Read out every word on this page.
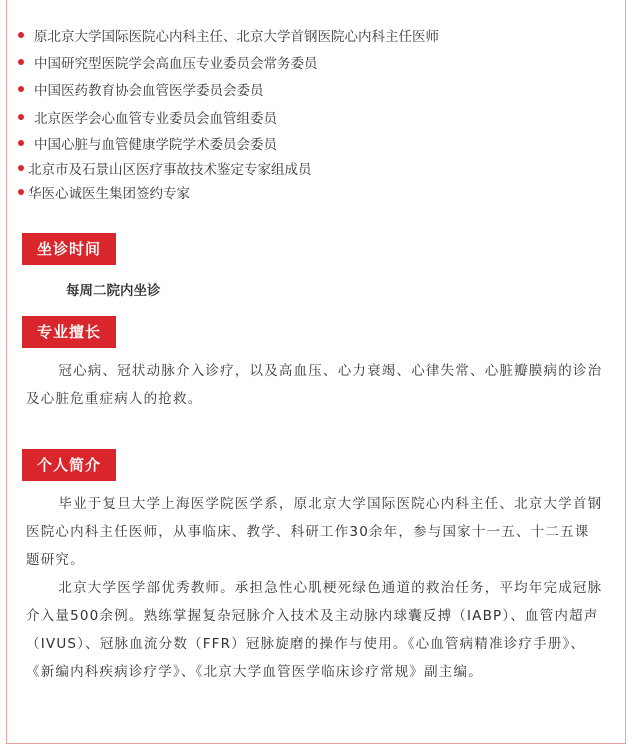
原北京大学国际医院心内科主任、北京大学首钢医院心内科主任医师
中国研究型医院学会高血压专业委员会常务委员
中国医药教育协会血管医学委员会委员
北京医学会心血管专业委员会血管组委员
中国心脏与血管健康学院学术委员会委员
北京市及石景山区医疗事故技术鉴定专家组成员
华医心诚医生集团签约专家
坐诊时间
每周二院内坐诊
专业擅长

冠心病、冠状动脉介入诊疗，以及高血压、心力衰竭、心律失常、心脏瓣膜病的诊治及心脏危重症病人的抢救。

个人简介

毕业于复旦大学上海医学院医学系，原北京大学国际医院心内科主任、北京大学首钢医院心内科主任医师，从事临床、教学、科研工作30余年，参与国家十一五、十二五课题研究。

北京大学医学部优秀教师。承担急性心肌梗死绿色通道的救治任务，平均年完成冠脉介入量500余例。熟练掌握复杂冠脉介入技术及主动脉内球囊反搏（IABP）、血管内超声（IVUS）、冠脉血流分数（FFR）冠脉旋磨的操作与使用。《心血管病精准诊疗手册》、《新编内科疾病诊疗学》、《北京大学血管医学临床诊疗常规》副主编。
